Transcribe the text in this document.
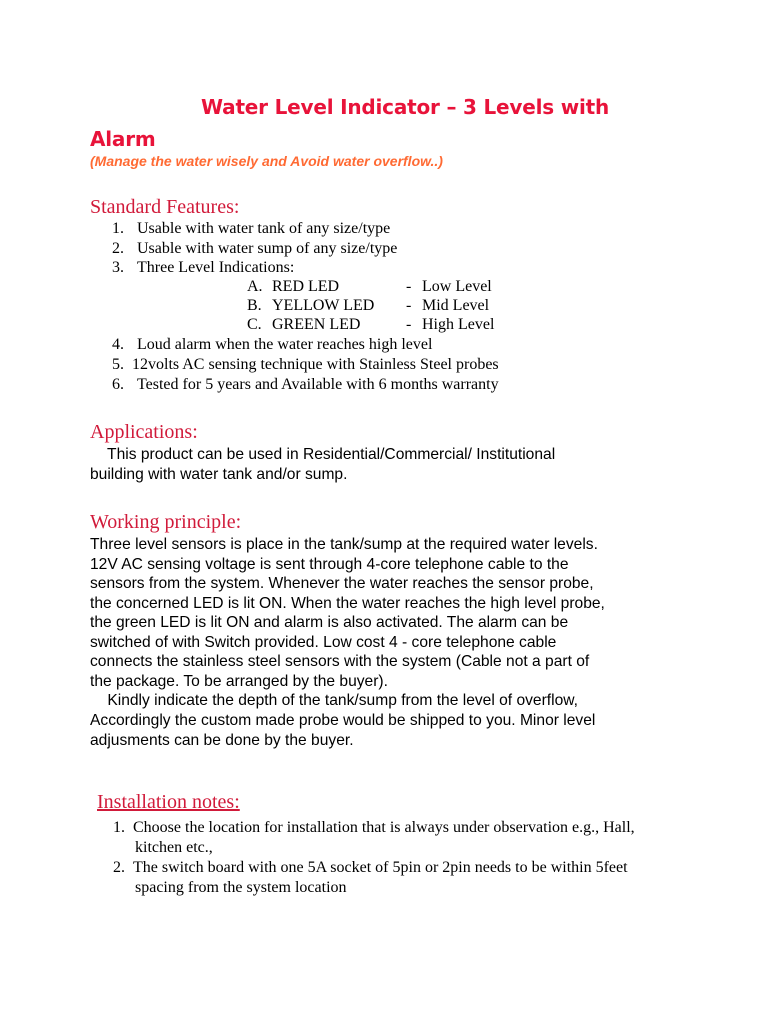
Water Level Indicator – 3 Levels with
Alarm
(Manage the water wisely and Avoid water overflow..)
Standard Features:
1. Usable with water tank of any size/type
2. Usable with water sump of any size/type
3. Three Level Indications:
A. RED LED	- Low Level
B. YELLOW LED - Mid Level
C. GREEN LED	- High Level
4. Loud alarm when the water reaches high level
5. 12volts AC sensing technique with Stainless Steel probes
6. Tested for 5 years and Available with 6 months warranty
Applications:
This product can be used in Residential/Commercial/ Institutional
building with water tank and/or sump.
Working principle:
Three level sensors is place in the tank/sump at the required water levels.
12V AC sensing voltage is sent through 4-core telephone cable to the
sensors from the system. Whenever the water reaches the sensor probe,
the concerned LED is lit ON. When the water reaches the high level probe,
the green LED is lit ON and alarm is also activated. The alarm can be
switched of with Switch provided. Low cost 4 - core telephone cable
connects the stainless steel sensors with the system (Cable not a part of
the package. To be arranged by the buyer).
Kindly indicate the depth of the tank/sump from the level of overflow,
Accordingly the custom made probe would be shipped to you. Minor level
adjusments can be done by the buyer.
Installation notes:
1. Choose the location for installation that is always under observation e.g., Hall,
kitchen etc.,
2. The switch board with one 5A socket of 5pin or 2pin needs to be within 5feet
spacing from the system location
